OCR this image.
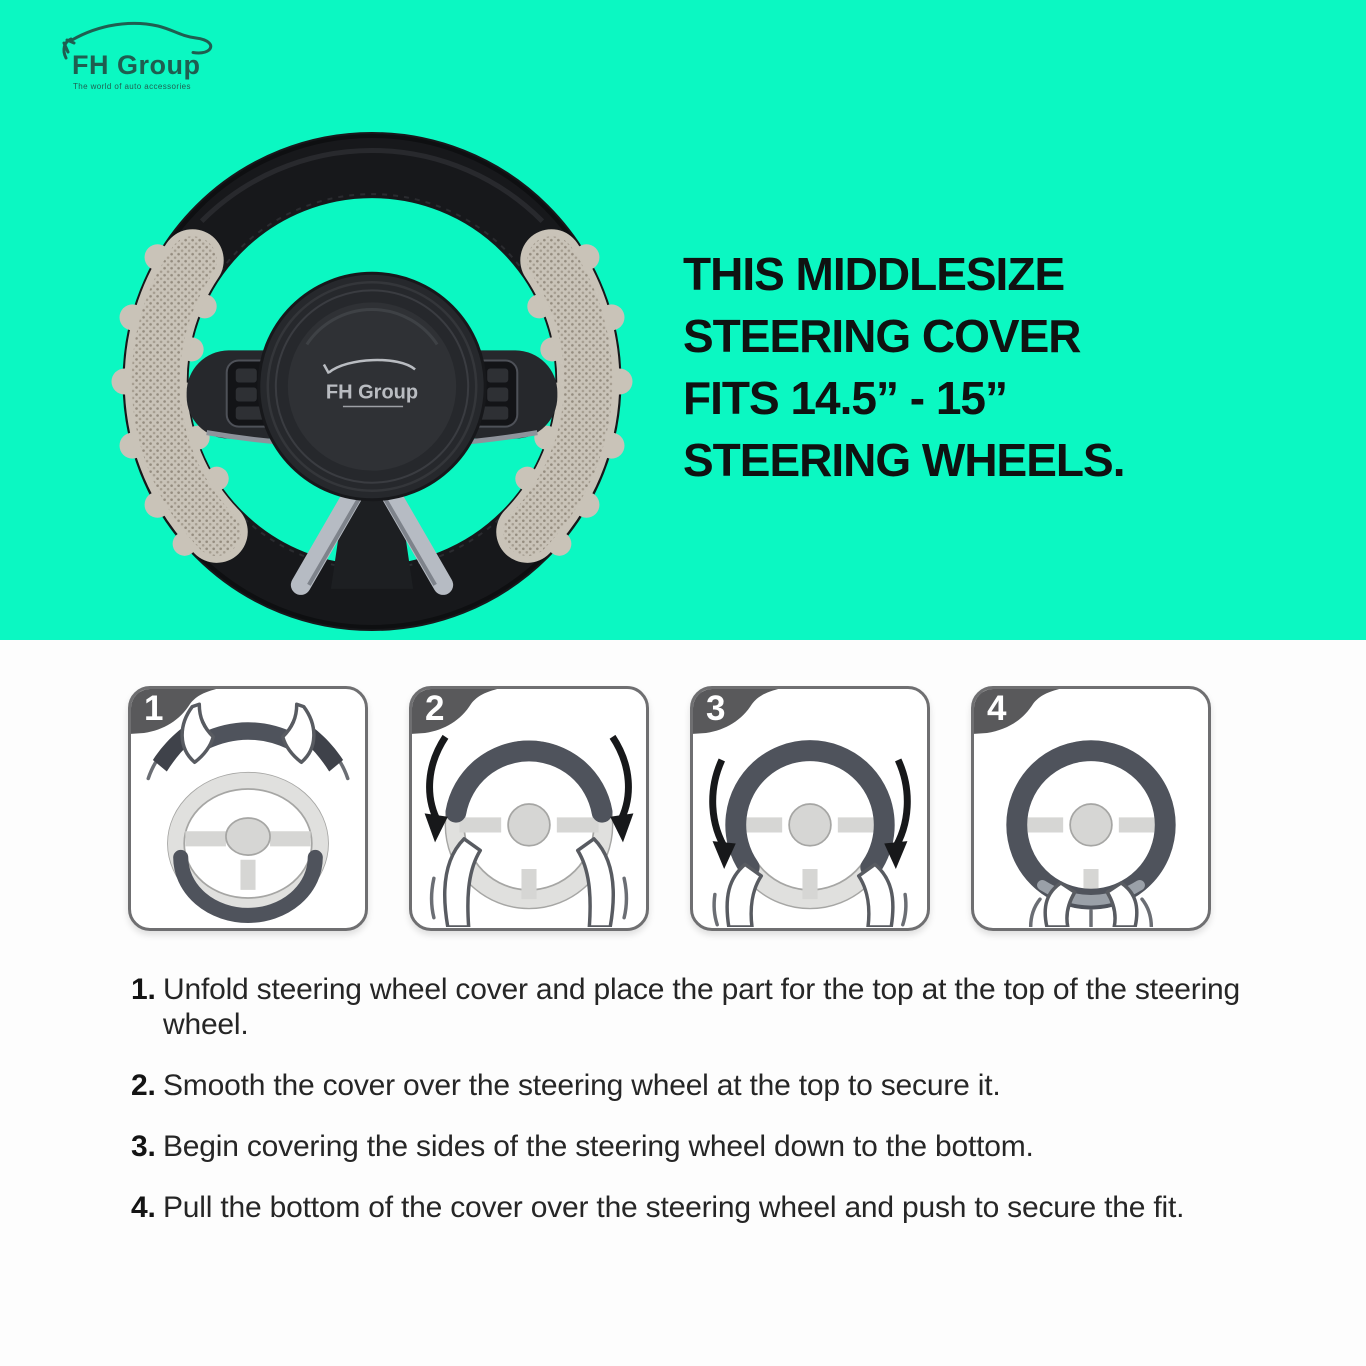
FH Group
The world of auto accessories
FH Group
THIS MIDDLESIZE
STEERING COVER
FITS 14.5” - 15”
STEERING WHEELS.
1	2	3	4
1. Unfold steering wheel cover and place the part for the top at the top of the steering wheel.
2. Smooth the cover over the steering wheel at the top to secure it.
3. Begin covering the sides of the steering wheel down to the bottom.
4. Pull the bottom of the cover over the steering wheel and push to secure the fit.
